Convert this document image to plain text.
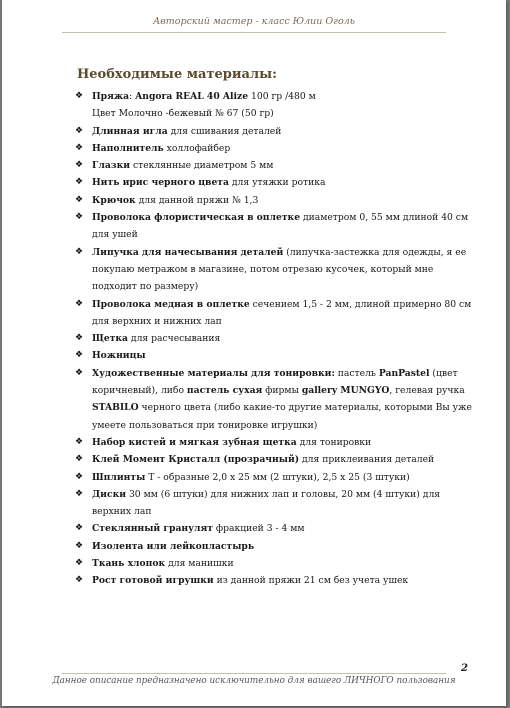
Авторский мастер - класс Юлии Оголь
Необходимые материалы:
❖ Пряжа: Angora REAL 40 Alize 100 гр /480 м
Цвет Молочно -бежевый № 67 (50 гр)
❖ Длинная игла для сшивания деталей
❖ Наполнитель холлофайбер
❖ Глазки стеклянные диаметром 5 мм
❖ Нить ирис черного цвета для утяжки ротика
❖ Крючок для данной пряжи № 1,3
❖ Проволока флористическая в оплетке диаметром 0, 55 мм длиной 40 см для ушей
❖ Липучка для начесывания деталей (липучка-застежка для одежды, я ее покупаю метражом в магазине, потом отрезаю кусочек, который мне подходит по размеру)
❖ Проволока медная в оплетке сечением 1,5 - 2 мм, длиной примерно 80 см для верхних и нижних лап
❖ Щетка для расчесывания
❖ Ножницы
❖ Художественные материалы для тонировки: пастель PanPastel (цвет коричневый), либо пастель сухая фирмы gallery MUNGYO, гелевая ручка STABILO черного цвета (либо какие-то другие материалы, которыми Вы уже умеете пользоваться при тонировке игрушки)
❖ Набор кистей и мягкая зубная щетка для тонировки
❖ Клей Момент Кристалл (прозрачный) для приклеивания деталей
❖ Шплинты Т - образные 2,0 х 25 мм (2 штуки), 2,5 х 25 (3 штуки)
❖ Диски 30 мм (6 штуки) для нижних лап и головы, 20 мм (4 штуки) для верхних лап
❖ Стеклянный гранулят фракцией 3 - 4 мм
❖ Изолента или лейкопластырь
❖ Ткань хлопок для манишки
❖ Рост готовой игрушки из данной пряжи 21 см без учета ушек
2
Данное описание предназначено исключительно для вашего ЛИЧНОГО пользования
